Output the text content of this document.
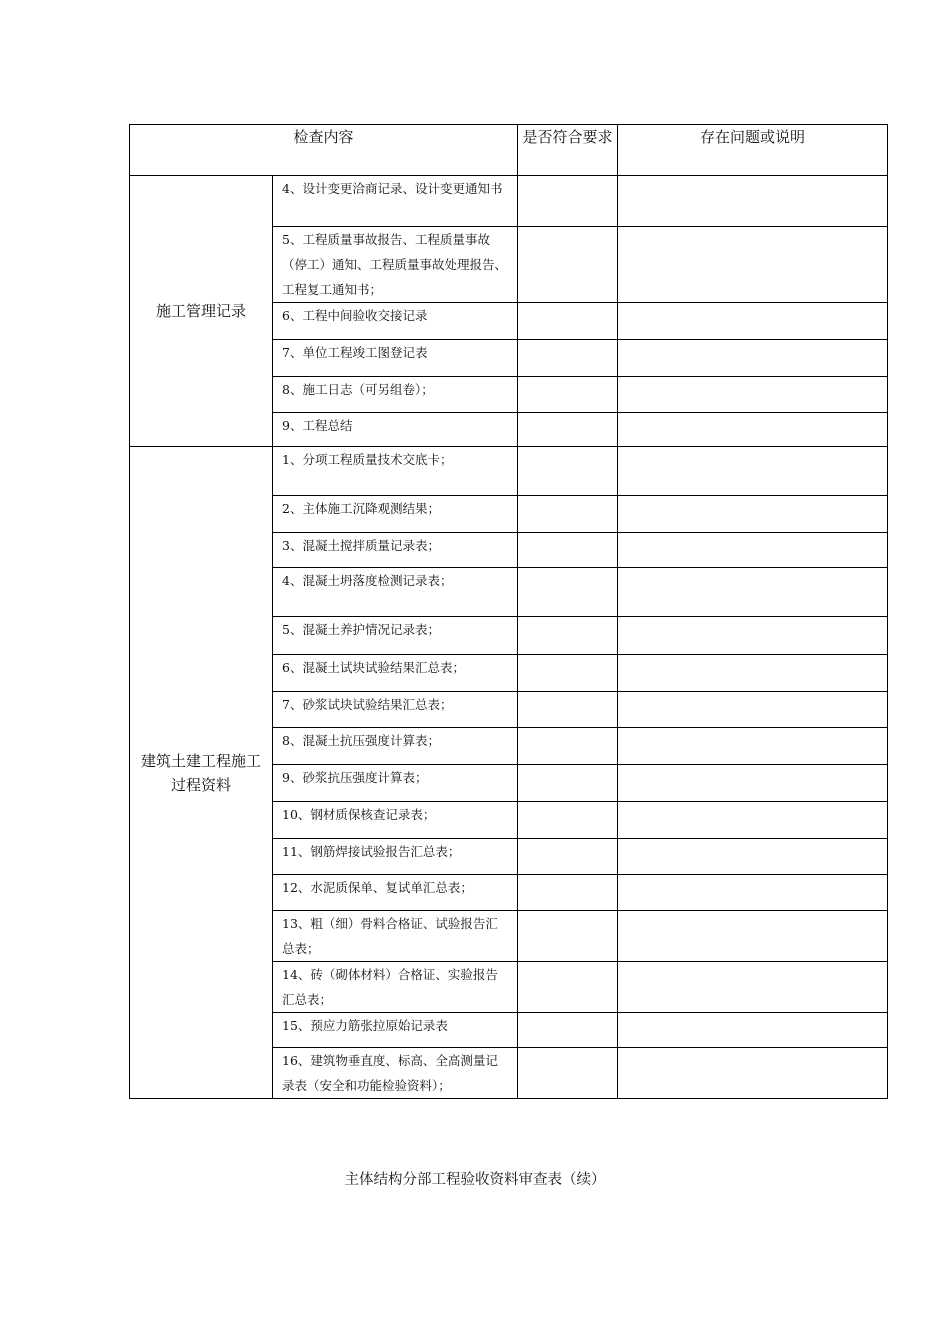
检查内容		是否符合要求	存在问题或说明
施工管理记录	4、设计变更洽商记录、设计变更通知书		
	5、工程质量事故报告、工程质量事故（停工）通知、工程质量事故处理报告、工程复工通知书；		
	6、工程中间验收交接记录		
	7、单位工程竣工图登记表		
	8、施工日志（可另组卷）；		
	9、工程总结		
建筑土建工程施工过程资料	1、分项工程质量技术交底卡；		
	2、主体施工沉降观测结果；		
	3、混凝土搅拌质量记录表；		
	4、混凝土坍落度检测记录表；		
	5、混凝土养护情况记录表；		
	6、混凝土试块试验结果汇总表；		
	7、砂浆试块试验结果汇总表；		
	8、混凝土抗压强度计算表；		
	9、砂浆抗压强度计算表；		
	10、钢材质保核查记录表；		
	11、钢筋焊接试验报告汇总表；		
	12、水泥质保单、复试单汇总表；		
	13、粗（细）骨料合格证、试验报告汇总表；		
	14、砖（砌体材料）合格证、实验报告汇总表；		
	15、预应力筋张拉原始记录表		
	16、建筑物垂直度、标高、全高测量记录表（安全和功能检验资料）；		
主体结构分部工程验收资料审查表（续）
